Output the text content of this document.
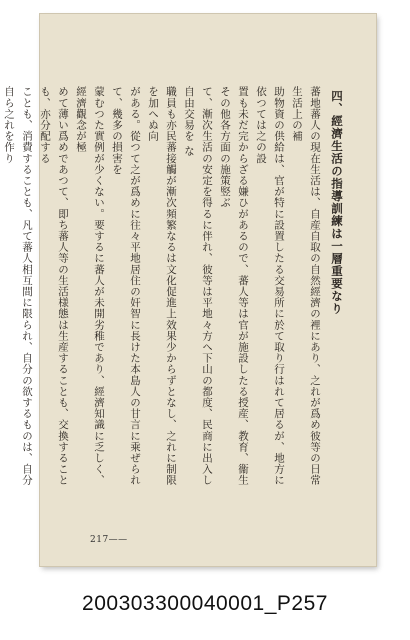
四、經濟生活の指導訓練は一層重要なり
蕃地蕃人の現在生活は、自産自取の自然經濟の裡にあり、之れが爲め彼等の日常生活上の補
助物資の供給は、官が特に設置したる交易所に於て取り行はれて居るが、地方に依つては之の設
置も未だ完からざる嫌ひがあるので、蕃人等は官が施設したる授産、教育、衞生その他各方面の施策竪ぶ
て、漸次生活の安定を得るに伴れ、彼等は平地々方へ下山の都度、民商に出入し自由交易を な
職員も亦民蕃接觸が漸次頻繁なるは文化促進上效果少からずとなし、之れに制限を加へぬ向
がある。從つて之が爲めに往々平地居住の奸智に長けた本島人の甘言に乘ぜられて、幾多の損害を
蒙むつた實例が少くない。要するに蕃人が未開劣稚であり、經濟知識に乏しく、經濟觀念が極
めて薄い爲めであつて、即ち蕃人等の生活様態は生産することも、交換することも、亦分配する
ことも、消費することも、凡て蕃人相互間に限られ、自分の欲するものは、自分自ら之れを作り
217——
200303300040001_P257
